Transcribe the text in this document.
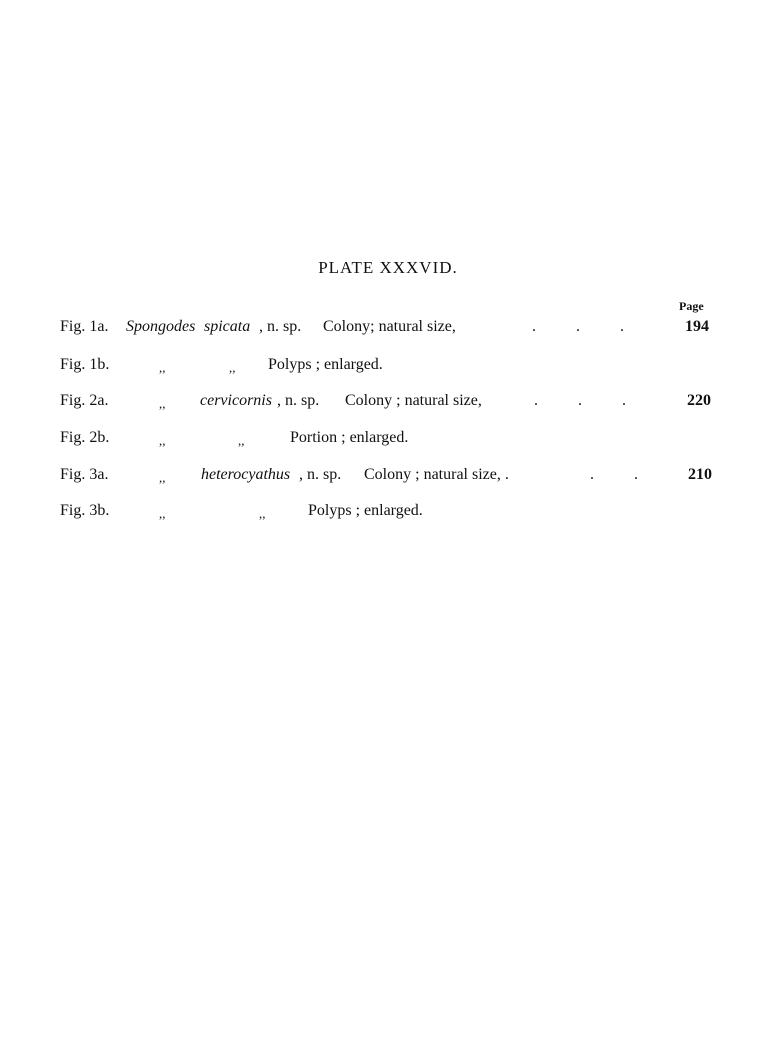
PLATE XXXVID.
Page
Fig. 1a. Spongodes spicata , n. sp. Colony; natural size,	. . .	194
Fig. 1b.	,,	,, Polyps ; enlarged.
Fig. 2a.	,, cervicornis , n. sp. Colony ; natural size,	. . .	220
Fig. 2b.	,,	,,	Portion ; enlarged.
Fig. 3a.	,, heterocyathus , n. sp. Colony ; natural size, .	. . 210
Fig. 3b.	,,	,,	Polyps ; enlarged.
